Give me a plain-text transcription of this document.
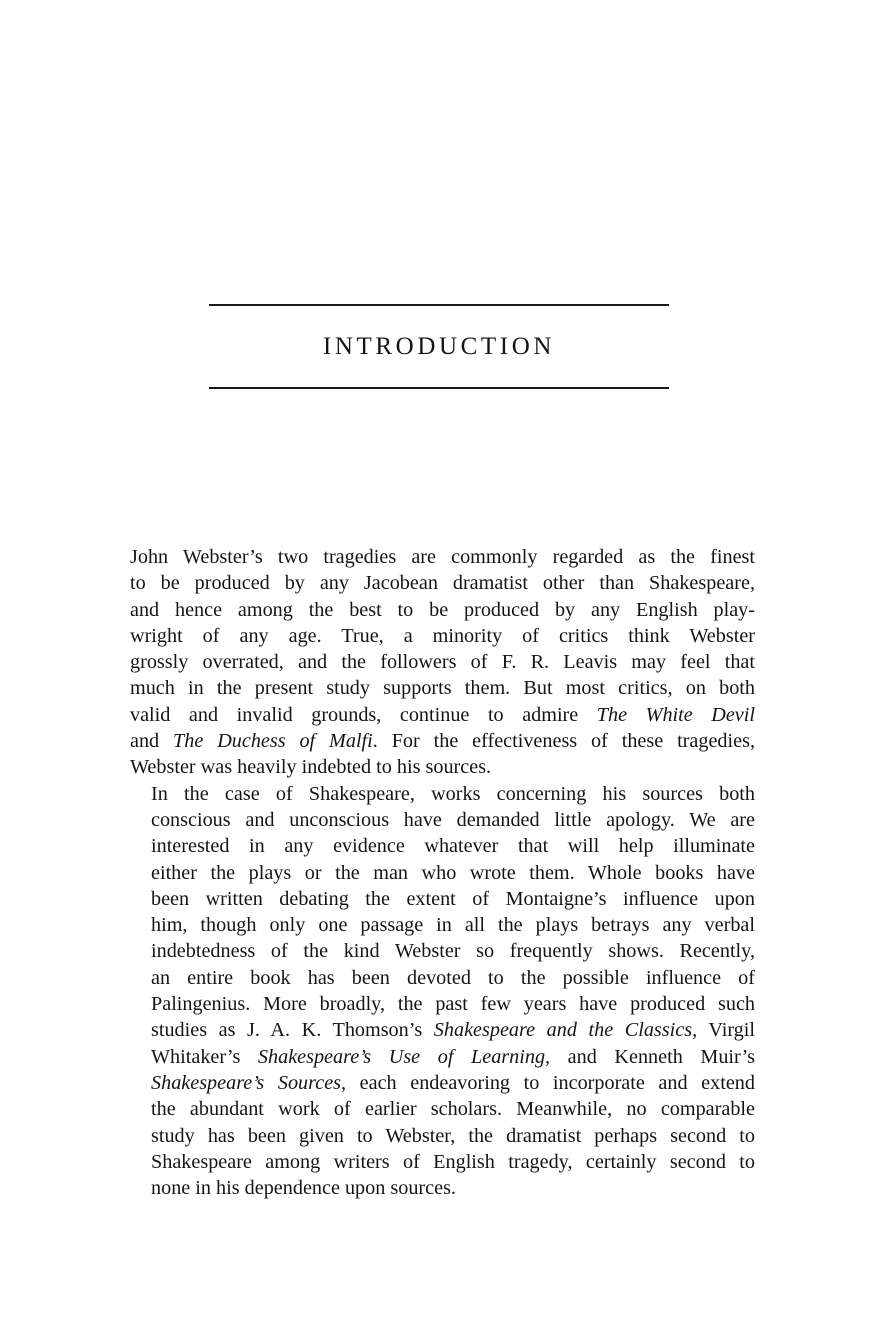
INTRODUCTION

John Webster’s two tragedies are commonly regarded as the finest
to be produced by any Jacobean dramatist other than Shakespeare,
and hence among the best to be produced by any English play-
wright of any age. True, a minority of critics think Webster
grossly overrated, and the followers of F. R. Leavis may feel that
much in the present study supports them. But most critics, on both
valid and invalid grounds, continue to admire The White Devil
and The Duchess of Malfi. For the effectiveness of these tragedies,
Webster was heavily indebted to his sources.

In the case of Shakespeare, works concerning his sources both
conscious and unconscious have demanded little apology. We are
interested in any evidence whatever that will help illuminate
either the plays or the man who wrote them. Whole books have
been written debating the extent of Montaigne’s influence upon
him, though only one passage in all the plays betrays any verbal
indebtedness of the kind Webster so frequently shows. Recently,
an entire book has been devoted to the possible influence of
Palingenius. More broadly, the past few years have produced such
studies as J. A. K. Thomson’s Shakespeare and the Classics, Virgil
Whitaker’s Shakespeare’s Use of Learning, and Kenneth Muir’s
Shakespeare’s Sources, each endeavoring to incorporate and extend
the abundant work of earlier scholars. Meanwhile, no comparable
study has been given to Webster, the dramatist perhaps second to
Shakespeare among writers of English tragedy, certainly second to
none in his dependence upon sources.
